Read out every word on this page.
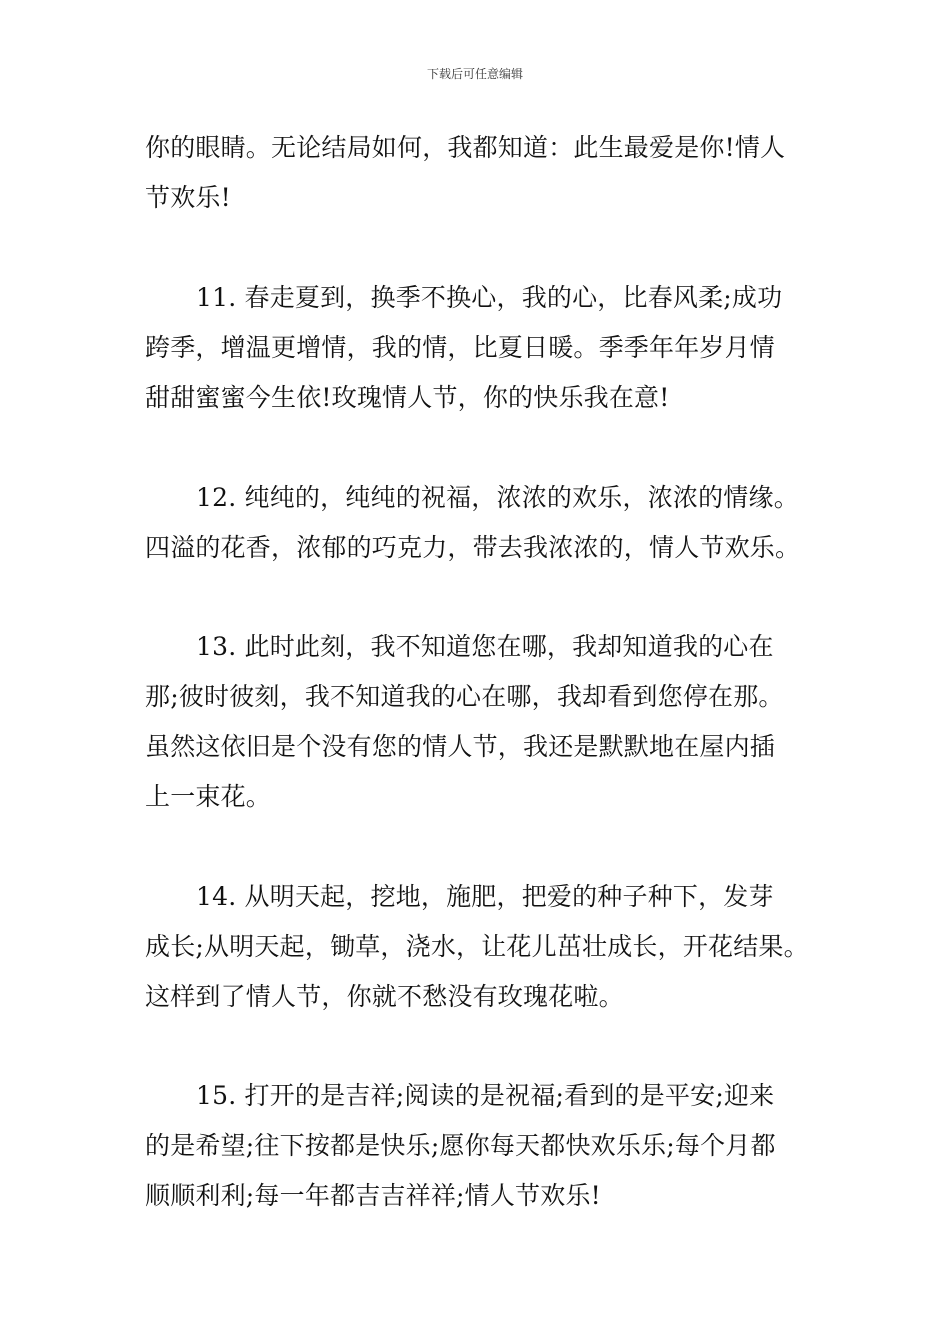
下载后可任意编辑
你的眼睛。无论结局如何，我都知道：此生最爱是你!情人
节欢乐!
11. 春走夏到，换季不换心，我的心，比春风柔;成功
跨季，增温更增情，我的情，比夏日暖。季季年年岁月情
甜甜蜜蜜今生依!玫瑰情人节，你的快乐我在意!
12. 纯纯的，纯纯的祝福，浓浓的欢乐，浓浓的情缘。
四溢的花香，浓郁的巧克力，带去我浓浓的，情人节欢乐。
13. 此时此刻，我不知道您在哪，我却知道我的心在
那;彼时彼刻，我不知道我的心在哪，我却看到您停在那。
虽然这依旧是个没有您的情人节，我还是默默地在屋内插
上一束花。
14. 从明天起，挖地，施肥，把爱的种子种下，发芽
成长;从明天起，锄草，浇水，让花儿茁壮成长，开花结果。
这样到了情人节，你就不愁没有玫瑰花啦。
15. 打开的是吉祥;阅读的是祝福;看到的是平安;迎来
的是希望;往下按都是快乐;愿你每天都快欢乐乐;每个月都
顺顺利利;每一年都吉吉祥祥;情人节欢乐!
